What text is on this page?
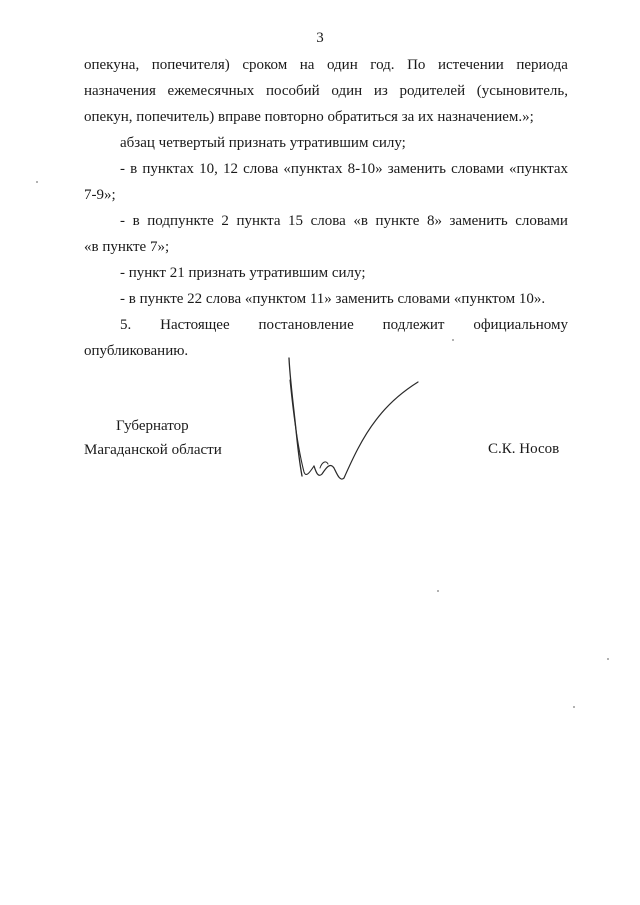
3
опекуна, попечителя) сроком на один год. По истечении периода
назначения ежемесячных пособий один из родителей (усыновитель,
опекун, попечитель) вправе повторно обратиться за их назначением.»;
абзац четвертый признать утратившим силу;
- в пунктах 10, 12 слова «пунктах 8-10» заменить словами «пунктах
7-9»;
- в подпункте 2 пункта 15 слова «в пункте 8» заменить словами
«в пункте 7»;
- пункт 21 признать утратившим силу;
- в пункте 22 слова «пунктом 11» заменить словами «пунктом 10».
5. Настоящее постановление подлежит официальному
опубликованию.
Губернатор
Магаданской области	С.К. Носов
